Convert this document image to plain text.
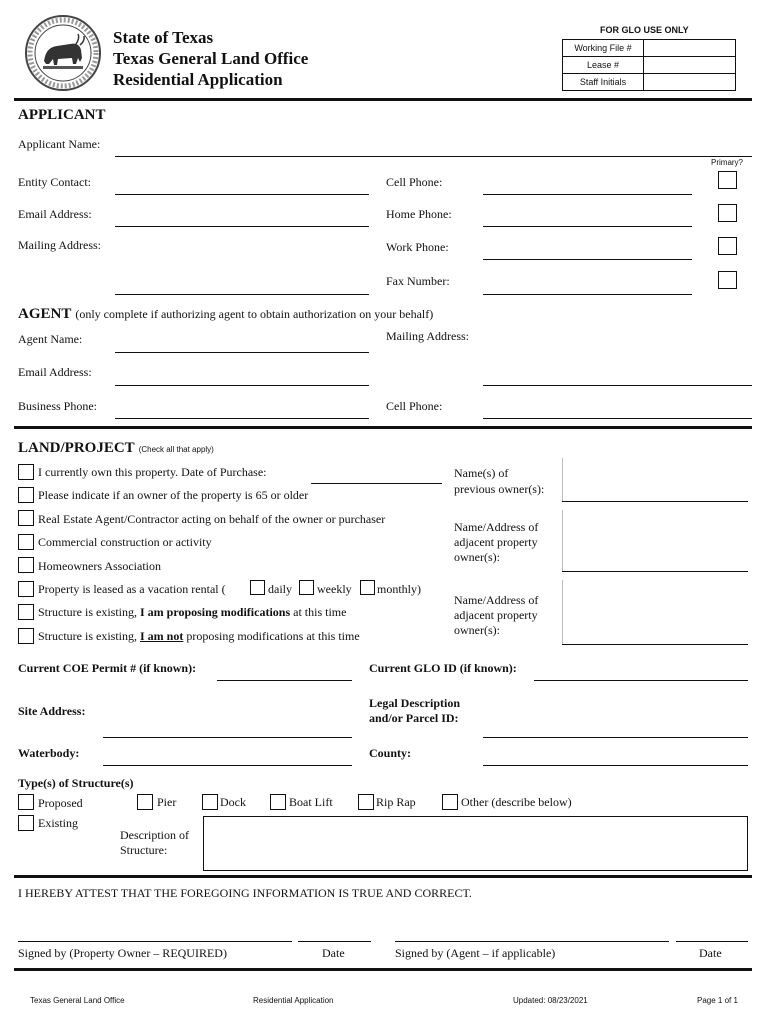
State of Texas
Texas General Land Office
Residential Application
FOR GLO USE ONLY
Working File #	
Lease #	
Staff Initials	
APPLICANT
Applicant Name:
Primary?
Entity Contact:
Email Address:
Mailing Address:
Cell Phone:
Home Phone:
Work Phone:
Fax Number:
AGENT (only complete if authorizing agent to obtain authorization on your behalf)
Agent Name:
Email Address:
Business Phone:
Mailing Address:
Cell Phone:
LAND/PROJECT (Check all that apply)
I currently own this property. Date of Purchase:
Please indicate if an owner of the property is 65 or older
Real Estate Agent/Contractor acting on behalf of the owner or purchaser
Commercial construction or activity
Homeowners Association
Property is leased as a vacation rental (	daily weekly monthly)
Structure is existing, I am proposing modifications at this time
Structure is existing, I am not proposing modifications at this time
Name(s) of
previous owner(s):
Name/Address of
adjacent property
owner(s):
Name/Address of
adjacent property
owner(s):
Current COE Permit # (if known):	Current GLO ID (if known):
Site Address:
Legal Description
and/or Parcel ID:
Waterbody:	County:
Type(s) of Structure(s)
Proposed
Existing
Pier	Dock	Boat Lift	Rip Rap	Other (describe below)
Description of
Structure:
I HEREBY ATTEST THAT THE FOREGOING INFORMATION IS TRUE AND CORRECT.
Signed by (Property Owner – REQUIRED)	Date	Signed by (Agent – if applicable)	Date
Texas General Land Office	Residential Application	Updated: 08/23/2021	Page 1 of 1
